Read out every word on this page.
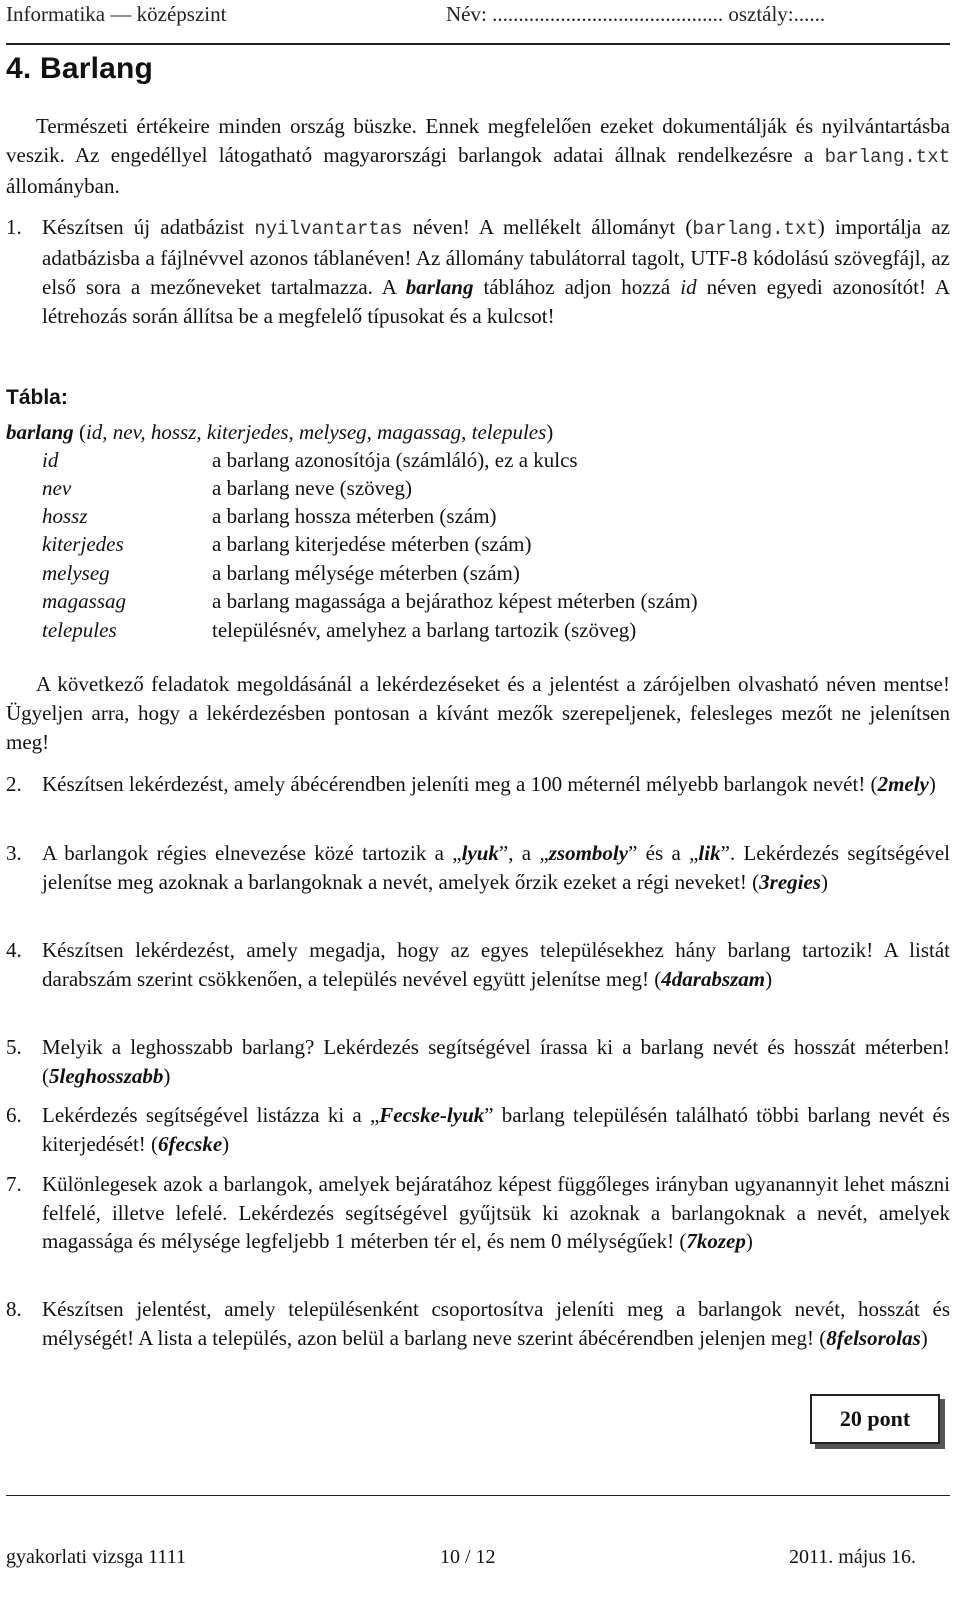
Informatika — középszint	Név: ............................................ osztály:......
4. Barlang
Természeti értékeire minden ország büszke. Ennek megfelelően ezeket dokumentálják és nyilvántartásba veszik. Az engedéllyel látogatható magyarországi barlangok adatai állnak rendelkezésre a barlang.txt állományban.
1. Készítsen új adatbázist nyilvantartas néven! A mellékelt állományt (barlang.txt) importálja az adatbázisba a fájlnévvel azonos táblanéven! Az állomány tabulátorral tagolt, UTF-8 kódolású szövegfájl, az első sora a mezőneveket tartalmazza. A barlang táblához adjon hozzá id néven egyedi azonosítót! A létrehozás során állítsa be a megfelelő típusokat és a kulcsot!
Tábla:
barlang (id, nev, hossz, kiterjedes, melyseg, magassag, telepules)
id	a barlang azonosítója (számláló), ez a kulcs
nev	a barlang neve (szöveg)
hossz	a barlang hossza méterben (szám)
kiterjedes	a barlang kiterjedése méterben (szám)
melyseg	a barlang mélysége méterben (szám)
magassag	a barlang magassága a bejárathoz képest méterben (szám)
telepules	településnév, amelyhez a barlang tartozik (szöveg)
A következő feladatok megoldásánál a lekérdezéseket és a jelentést a zárójelben olvasható néven mentse! Ügyeljen arra, hogy a lekérdezésben pontosan a kívánt mezők szerepeljenek, felesleges mezőt ne jelenítsen meg!
2. Készítsen lekérdezést, amely ábécérendben jeleníti meg a 100 méternél mélyebb barlangok nevét! (2mely)
3. A barlangok régies elnevezése közé tartozik a „lyuk”, a „zsomboly” és a „lik”. Lekérdezés segítségével jelenítse meg azoknak a barlangoknak a nevét, amelyek őrzik ezeket a régi neveket! (3regies)
4. Készítsen lekérdezést, amely megadja, hogy az egyes településekhez hány barlang tartozik! A listát darabszám szerint csökkenően, a település nevével együtt jelenítse meg! (4darabszam)
5. Melyik a leghosszabb barlang? Lekérdezés segítségével írassa ki a barlang nevét és hosszát méterben! (5leghosszabb)
6. Lekérdezés segítségével listázza ki a „Fecske-lyuk” barlang településén található többi barlang nevét és kiterjedését! (6fecske)
7. Különlegesek azok a barlangok, amelyek bejáratához képest függőleges irányban ugyanannyit lehet mászni felfelé, illetve lefelé. Lekérdezés segítségével gyűjtsük ki azoknak a barlangoknak a nevét, amelyek magassága és mélysége legfeljebb 1 méterben tér el, és nem 0 mélységűek! (7kozep)
8. Készítsen jelentést, amely településenként csoportosítva jeleníti meg a barlangok nevét, hosszát és mélységét! A lista a település, azon belül a barlang neve szerint ábécérendben jelenjen meg! (8felsorolas)
20 pont
gyakorlati vizsga 1111	10 / 12	2011. május 16.
